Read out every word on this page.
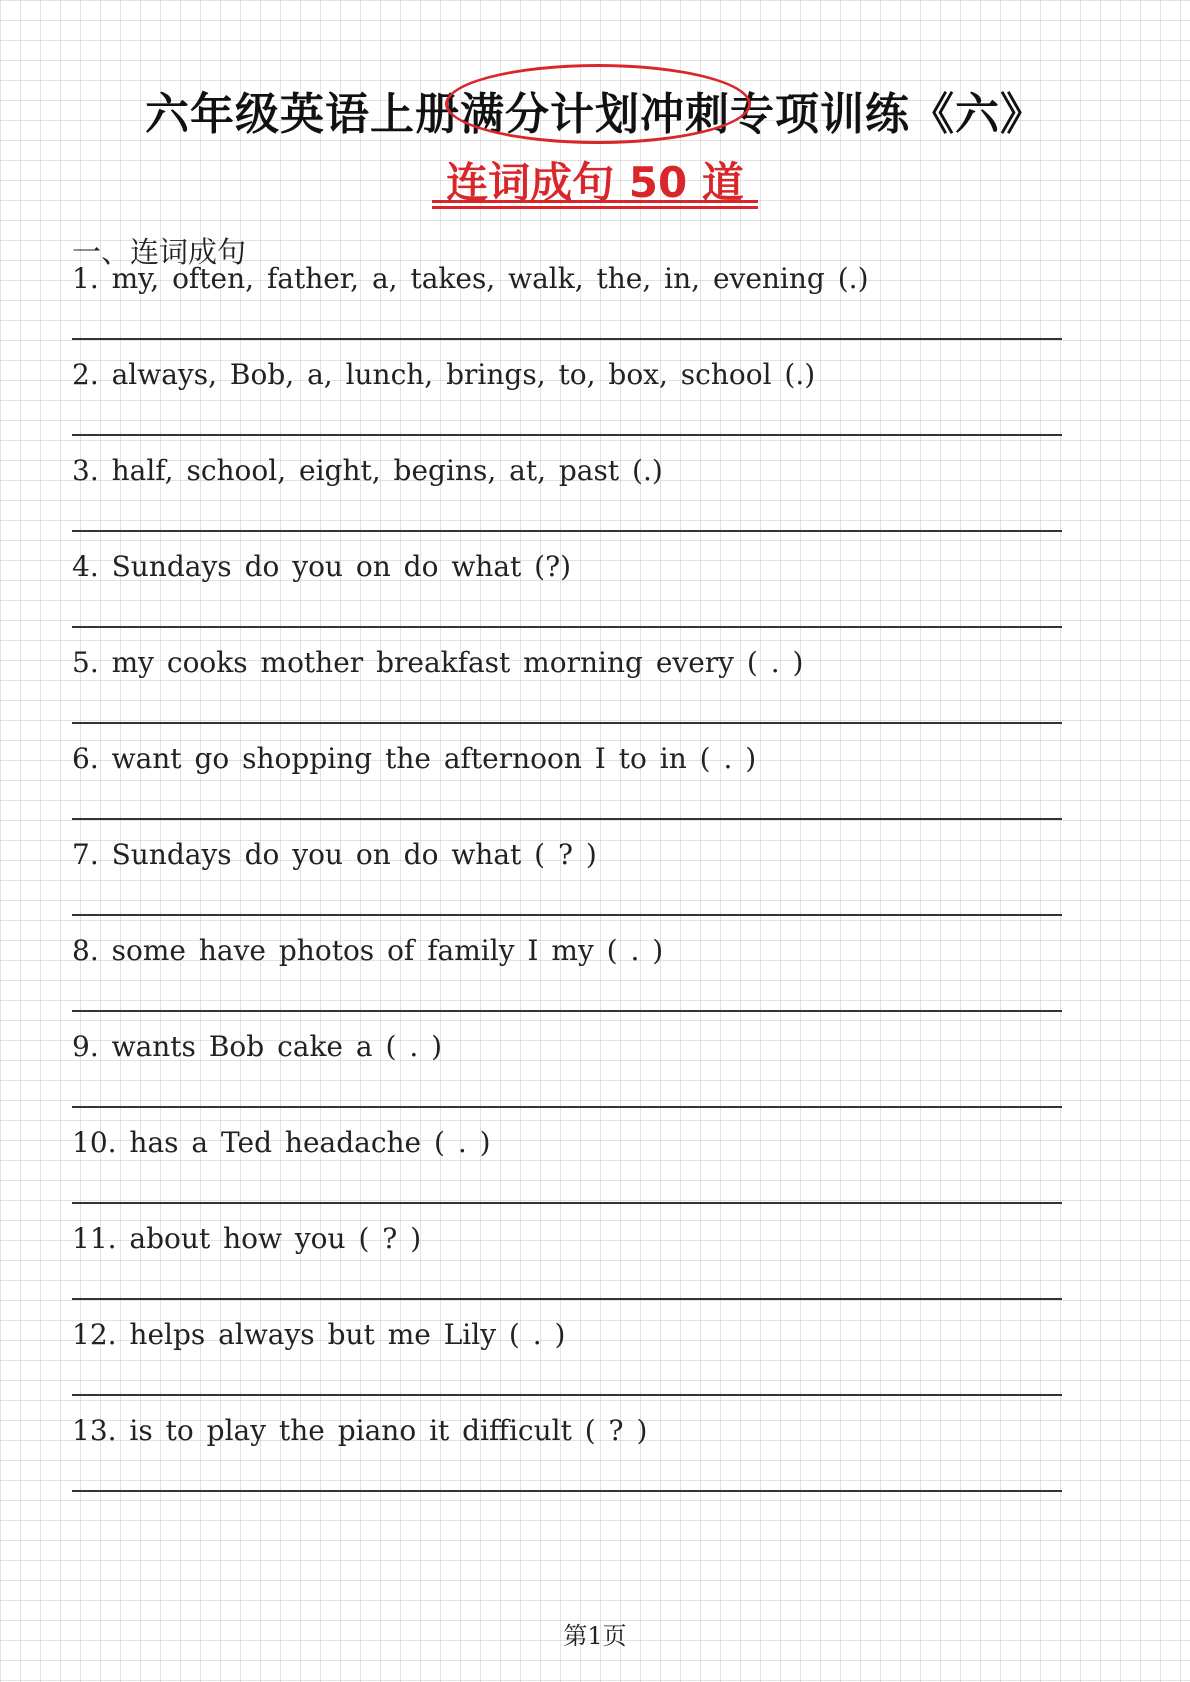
六年级英语上册满分计划冲刺专项训练《六》
连词成句 50 道
一、连词成句
1. my, often, father, a, takes, walk, the, in, evening (.)
2. always, Bob, a, lunch, brings, to, box, school (.)
3. half, school, eight, begins, at, past (.)
4. Sundays do you on do what (?)
5. my cooks mother breakfast morning every ( . )
6. want go shopping the afternoon I to in ( . )
7. Sundays do you on do what ( ? )
8. some have photos of family I my ( . )
9. wants Bob cake a ( . )
10. has a Ted headache ( . )
11. about how you ( ? )
12. helps always but me Lily ( . )
13. is to play the piano it difficult ( ? )
第1页
